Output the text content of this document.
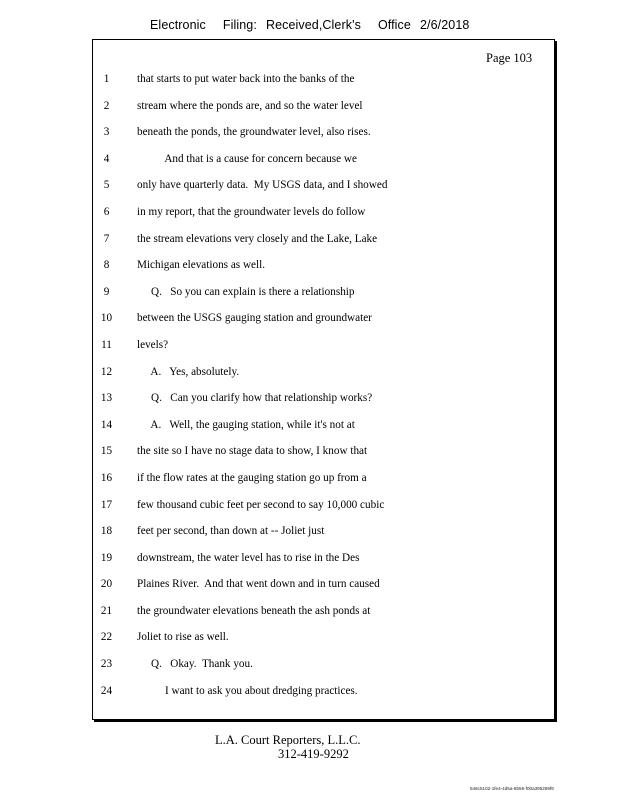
Electronic Filing: Received,Clerk's Office 2/6/2018
Page 103
1	that starts to put water back into the banks of the
2	stream where the ponds are, and so the water level
3	beneath the ponds, the groundwater level, also rises.
4	And that is a cause for concern because we
5	only have quarterly data.  My USGS data, and I showed
6	in my report, that the groundwater levels do follow
7	the stream elevations very closely and the Lake, Lake
8	Michigan elevations as well.
9	Q.   So you can explain is there a relationship
10	between the USGS gauging station and groundwater
11	levels?
12	A.   Yes, absolutely.
13	Q.   Can you clarify how that relationship works?
14	A.   Well, the gauging station, while it's not at
15	the site so I have no stage data to show, I know that
16	if the flow rates at the gauging station go up from a
17	few thousand cubic feet per second to say 10,000 cubic
18	feet per second, than down at -- Joliet just
19	downstream, the water level has to rise in the Des
20	Plaines River.  And that went down and in turn caused
21	the groundwater elevations beneath the ash ponds at
22	Joliet to rise as well.
23	Q.   Okay.  Thank you.
24	I want to ask you about dredging practices.
L.A. Court Reporters, L.L.C.
312-419-9292
546c5102-1fe4-4d5a-8b56-f00a395289f6
